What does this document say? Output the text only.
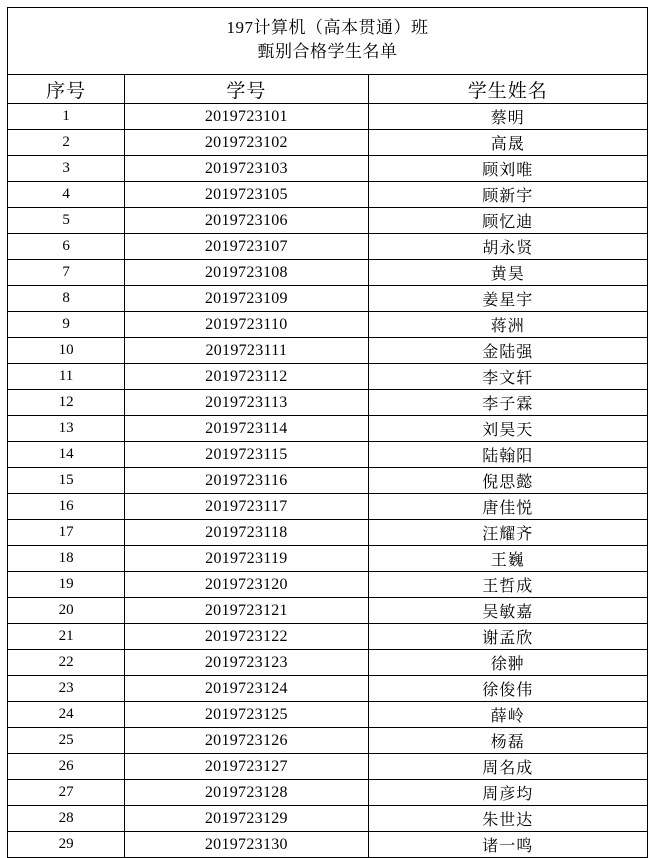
197计算机（高本贯通）班
甄别合格学生名单		

序号	学号	学生姓名
1	2019723101	蔡明
2	2019723102	高晟
3	2019723103	顾刘唯
4	2019723105	顾新宇
5	2019723106	顾忆迪
6	2019723107	胡永贤
7	2019723108	黄昊
8	2019723109	姜星宇
9	2019723110	蒋洲
10	2019723111	金陆强
11	2019723112	李文轩
12	2019723113	李子霖
13	2019723114	刘昊天
14	2019723115	陆翰阳
15	2019723116	倪思懿
16	2019723117	唐佳悦
17	2019723118	汪耀齐
18	2019723119	王巍
19	2019723120	王哲成
20	2019723121	吴敏嘉
21	2019723122	谢孟欣
22	2019723123	徐翀
23	2019723124	徐俊伟
24	2019723125	薛岭
25	2019723126	杨磊
26	2019723127	周名成
27	2019723128	周彦均
28	2019723129	朱世达
29	2019723130	诸一鸣
